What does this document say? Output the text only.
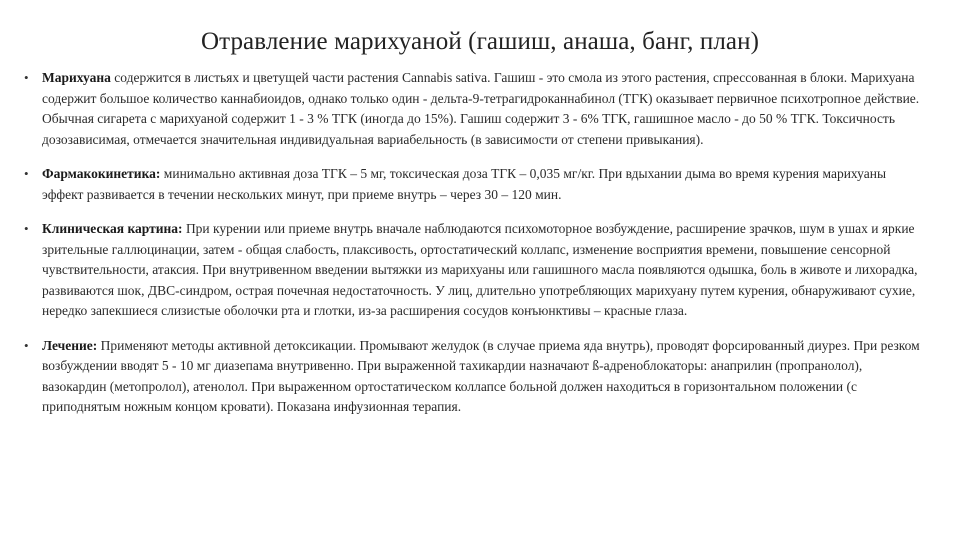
Отравление марихуаной (гашиш, анаша, банг, план)
• Марихуана содержится в листьях и цветущей части растения Cannabis sativa. Гашиш - это смола из этого растения, спрессованная в блоки. Марихуана содержит большое количество каннабиоидов, однако только один - дельта-9-тетрагидроканнабинол (ТГК) оказывает первичное психотропное действие. Обычная сигарета с марихуаной содержит 1 - 3 % ТГК (иногда до 15%). Гашиш содержит 3 - 6% ТГК, гашишное масло - до 50 % ТГК. Токсичность дозозависимая, отмечается значительная индивидуальная вариабельность (в зависимости от степени привыкания).
• Фармакокинетика: минимально активная доза ТГК – 5 мг, токсическая доза ТГК – 0,035 мг/кг. При вдыхании дыма во время курения марихуаны эффект развивается в течении нескольких минут, при приеме внутрь – через 30 – 120 мин.
• Клиническая картина: При курении или приеме внутрь вначале наблюдаются психомоторное возбуждение, расширение зрачков, шум в ушах и яркие зрительные галлюцинации, затем - общая слабость, плаксивость, ортостатический коллапс, изменение восприятия времени, повышение сенсорной чувствительности, атаксия. При внутривенном введении вытяжки из марихуаны или гашишного масла появляются одышка, боль в животе и лихорадка, развиваются шок, ДВС-синдром, острая почечная недостаточность. У лиц, длительно употребляющих марихуану путем курения, обнаруживают сухие, нередко запекшиеся слизистые оболочки рта и глотки, из-за расширения сосудов конъюнктивы – красные глаза.
• Лечение: Применяют методы активной детоксикации. Промывают желудок (в случае приема яда внутрь), проводят форсированный диурез. При резком возбуждении вводят 5 - 10 мг диазепама внутривенно. При выраженной тахикардии назначают ß-адреноблокаторы: анаприлин (пропранолол), вазокардин (метопролол), атенолол. При выраженном ортостатическом коллапсе больной должен находиться в горизонтальном положении (с приподнятым ножным концом кровати). Показана инфузионная терапия.
